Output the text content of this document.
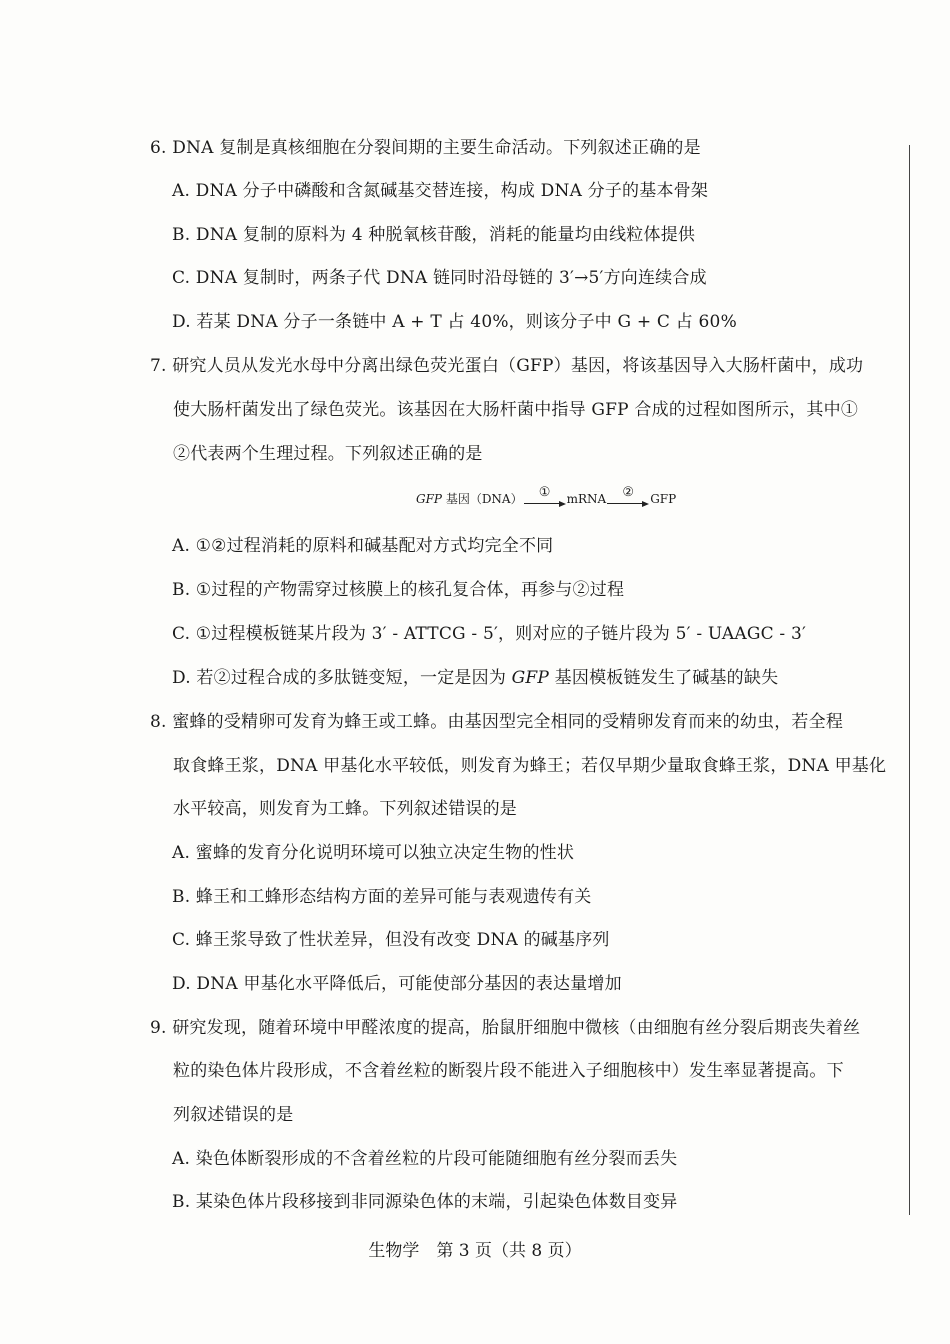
6. DNA 复制是真核细胞在分裂间期的主要生命活动。下列叙述正确的是
A. DNA 分子中磷酸和含氮碱基交替连接，构成 DNA 分子的基本骨架
B. DNA 复制的原料为 4 种脱氧核苷酸，消耗的能量均由线粒体提供
C. DNA 复制时，两条子代 DNA 链同时沿母链的 3′→5′方向连续合成
D. 若某 DNA 分子一条链中 A + T 占 40%，则该分子中 G + C 占 60%
7. 研究人员从发光水母中分离出绿色荧光蛋白（GFP）基因，将该基因导入大肠杆菌中，成功
使大肠杆菌发出了绿色荧光。该基因在大肠杆菌中指导 GFP 合成的过程如图所示，其中①
②代表两个生理过程。下列叙述正确的是
GFP 基因（DNA）	①	mRNA	②	GFP
A. ①②过程消耗的原料和碱基配对方式均完全不同
B. ①过程的产物需穿过核膜上的核孔复合体，再参与②过程
C. ①过程模板链某片段为 3′ - ATTCG - 5′，则对应的子链片段为 5′ - UAAGC - 3′
D. 若②过程合成的多肽链变短，一定是因为 GFP 基因模板链发生了碱基的缺失
8. 蜜蜂的受精卵可发育为蜂王或工蜂。由基因型完全相同的受精卵发育而来的幼虫，若全程
取食蜂王浆，DNA 甲基化水平较低，则发育为蜂王；若仅早期少量取食蜂王浆，DNA 甲基化
水平较高，则发育为工蜂。下列叙述错误的是
A. 蜜蜂的发育分化说明环境可以独立决定生物的性状
B. 蜂王和工蜂形态结构方面的差异可能与表观遗传有关
C. 蜂王浆导致了性状差异，但没有改变 DNA 的碱基序列
D. DNA 甲基化水平降低后，可能使部分基因的表达量增加
9. 研究发现，随着环境中甲醛浓度的提高，胎鼠肝细胞中微核（由细胞有丝分裂后期丧失着丝
粒的染色体片段形成，不含着丝粒的断裂片段不能进入子细胞核中）发生率显著提高。下
列叙述错误的是
A. 染色体断裂形成的不含着丝粒的片段可能随细胞有丝分裂而丢失
B. 某染色体片段移接到非同源染色体的末端，引起染色体数目变异
生物学　第 3 页（共 8 页）
